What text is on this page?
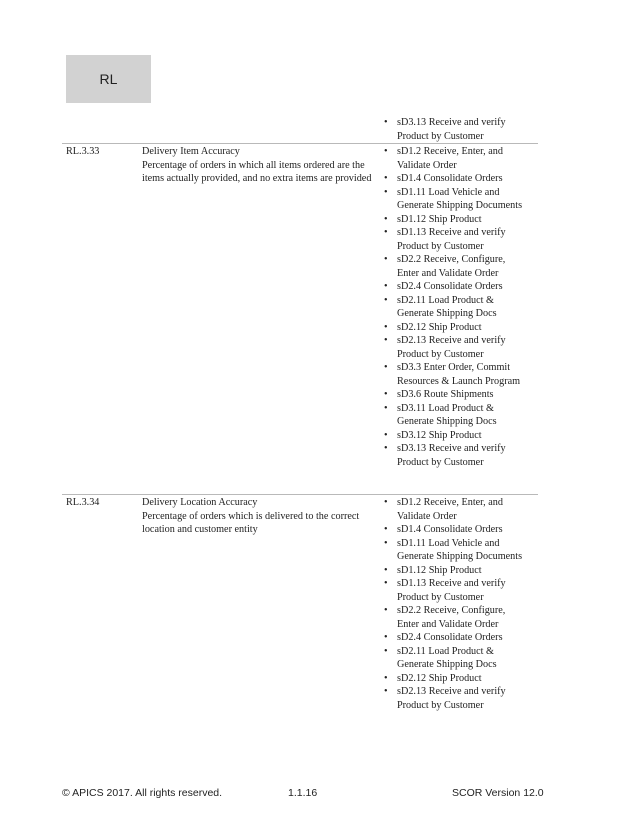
RL
• sD3.13 Receive and verify Product by Customer
RL.3.33	Delivery Item Accuracy
Percentage of orders in which all items ordered are the
items actually provided, and no extra items are provided
• sD1.2 Receive, Enter, and Validate Order
• sD1.4 Consolidate Orders
• sD1.11 Load Vehicle and Generate Shipping Documents
• sD1.12 Ship Product
• sD1.13 Receive and verify Product by Customer
• sD2.2 Receive, Configure, Enter and Validate Order
• sD2.4 Consolidate Orders
• sD2.11 Load Product & Generate Shipping Docs
• sD2.12 Ship Product
• sD2.13 Receive and verify Product by Customer
• sD3.3 Enter Order, Commit Resources & Launch Program
• sD3.6 Route Shipments
• sD3.11 Load Product & Generate Shipping Docs
• sD3.12 Ship Product
• sD3.13 Receive and verify Product by Customer
RL.3.34	Delivery Location Accuracy
Percentage of orders which is delivered to the correct
location and customer entity
• sD1.2 Receive, Enter, and Validate Order
• sD1.4 Consolidate Orders
• sD1.11 Load Vehicle and Generate Shipping Documents
• sD1.12 Ship Product
• sD1.13 Receive and verify Product by Customer
• sD2.2 Receive, Configure, Enter and Validate Order
• sD2.4 Consolidate Orders
• sD2.11 Load Product & Generate Shipping Docs
• sD2.12 Ship Product
• sD2.13 Receive and verify Product by Customer
© APICS 2017. All rights reserved.	1.1.16	SCOR Version 12.0
